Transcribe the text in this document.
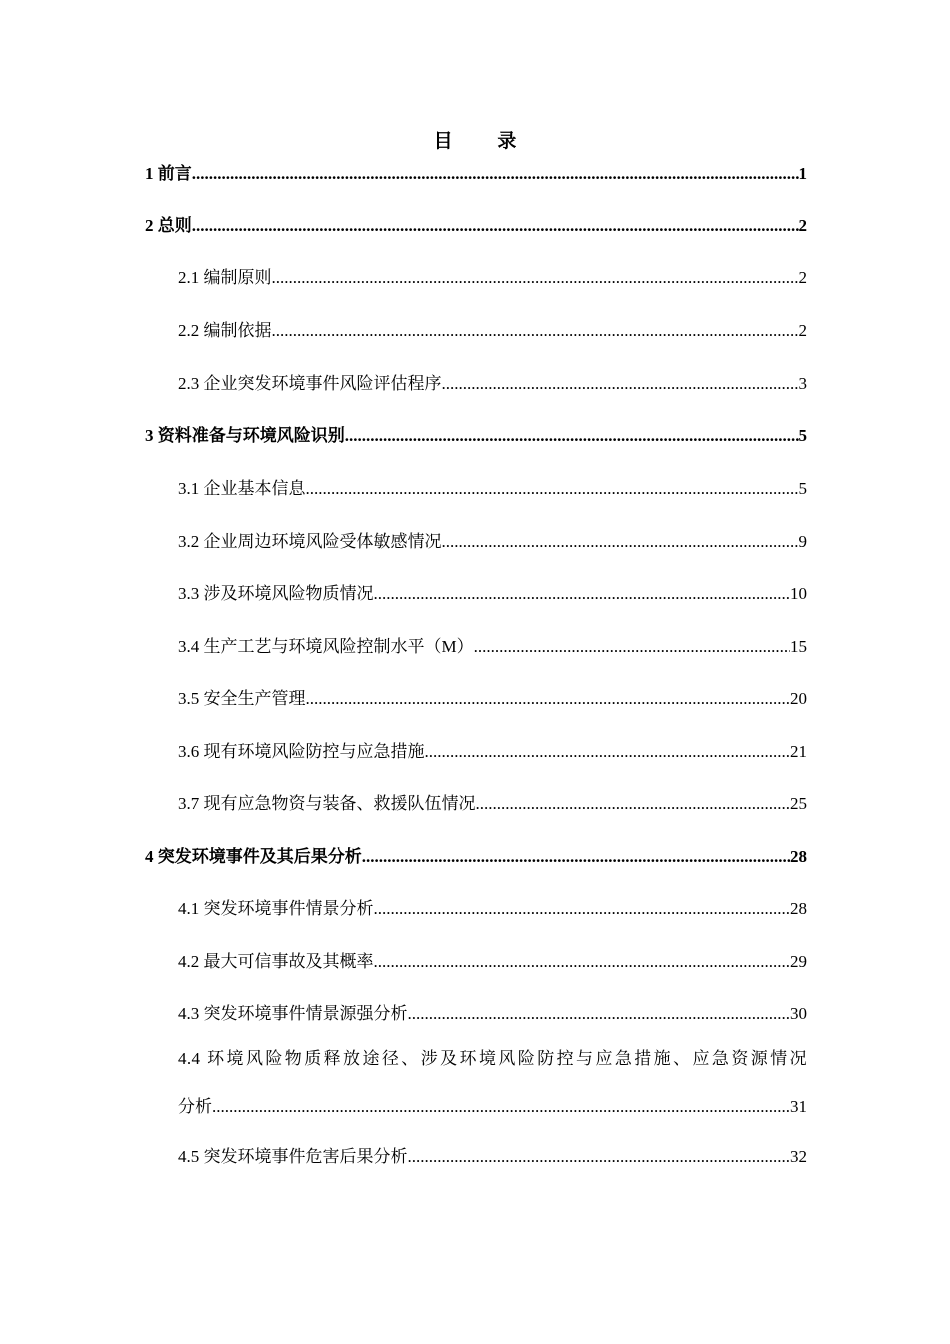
目 录
1 前言 .....	1
2 总则 .....	2
2.1 编制原则 .....	2
2.2 编制依据 .....	2
2.3 企业突发环境事件风险评估程序 .....	3
3 资料准备与环境风险识别 .....	5
3.1 企业基本信息 .....	5
3.2 企业周边环境风险受体敏感情况 .....	9
3.3 涉及环境风险物质情况 .....	10
3.4 生产工艺与环境风险控制水平（M） .....	15
3.5 安全生产管理 .....	20
3.6 现有环境风险防控与应急措施 .....	21
3.7 现有应急物资与装备、救援队伍情况 .....	25
4 突发环境事件及其后果分析 .....	28
4.1 突发环境事件情景分析 .....	28
4.2 最大可信事故及其概率 .....	29
4.3 突发环境事件情景源强分析 .....	30
4.4 环境风险物质释放途径、涉及环境风险防控与应急措施、应急资源情况
分析 .....	31
4.5 突发环境事件危害后果分析 .....	32
